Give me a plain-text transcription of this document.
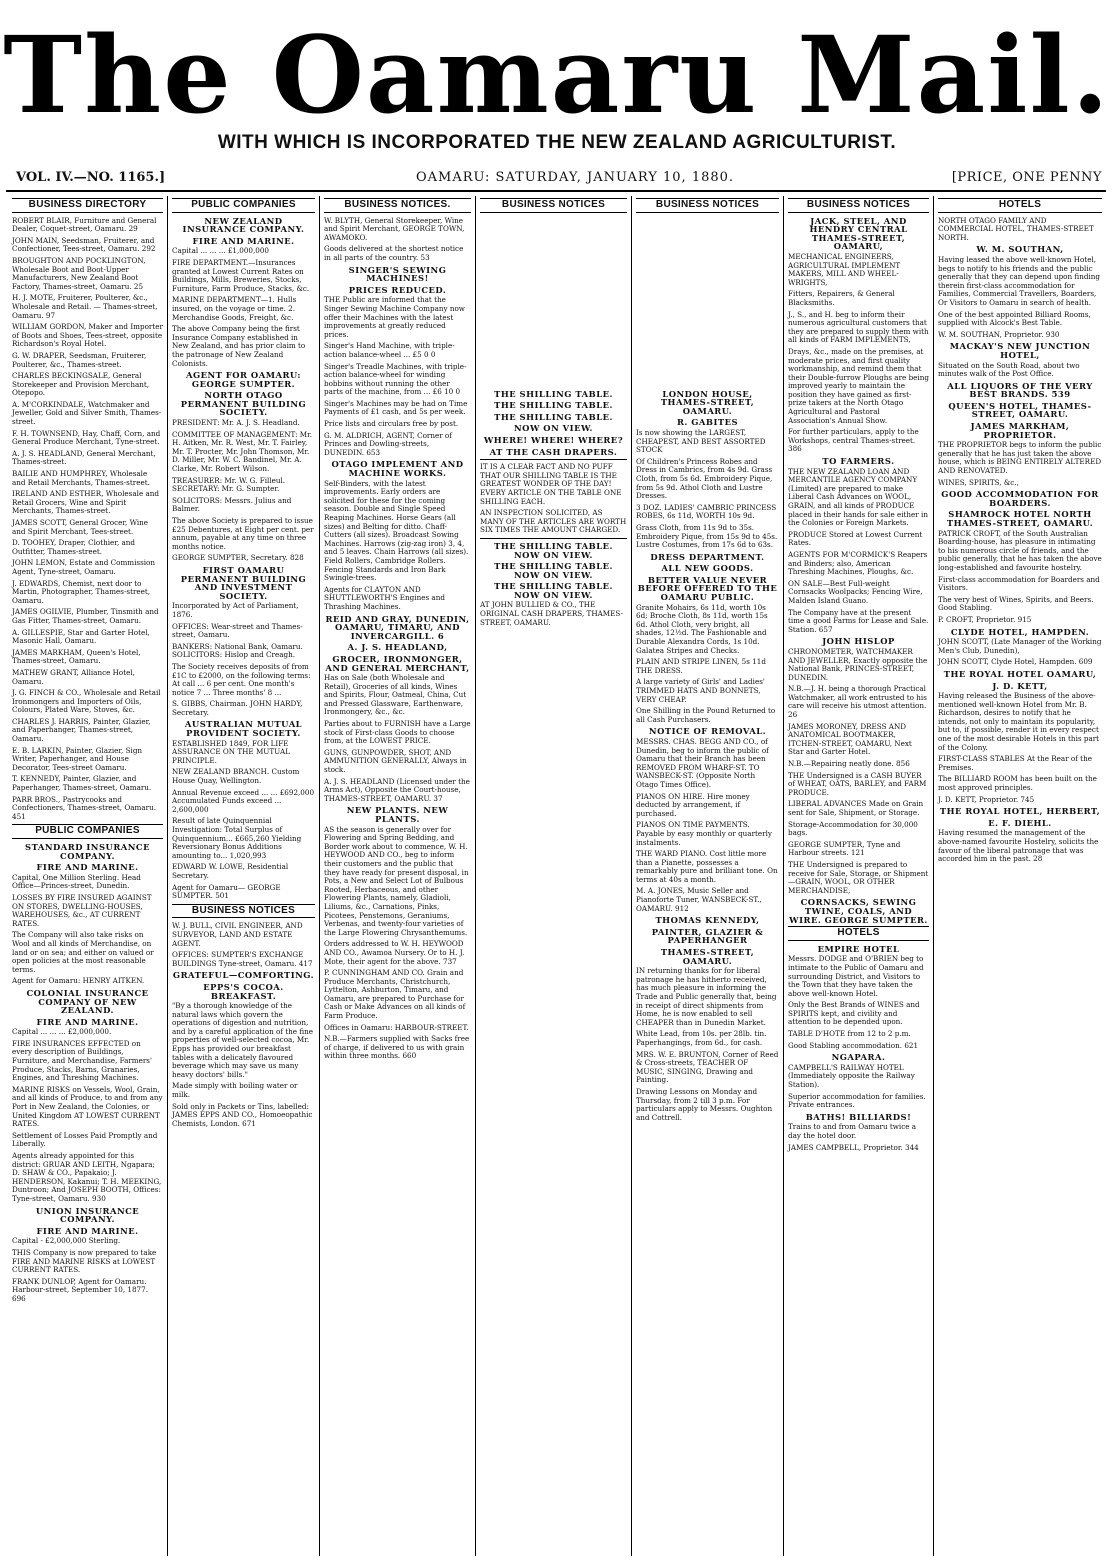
The Oamaru Mail.
WITH WHICH IS INCORPORATED THE NEW ZEALAND AGRICULTURIST.
VOL. IV.—NO. 1165.]	OAMARU: SATURDAY, JANUARY 10, 1880.	[PRICE, ONE PENNY
BUSINESS DIRECTORY
ROBERT BLAIR, Furniture and General Dealer, Coquet-street, Oamaru. 29
JOHN MAIN, Seedsman, Fruiterer, and Confectioner, Tees-street, Oamaru. 292
BROUGHTON AND POCKLINGTON, Wholesale Boot and Boot-Upper Manufacturers, New Zealand Boot Factory, Thames-street, Oamaru. 25
H. J. MOTE, Fruiterer, Poulterer, &c., Wholesale and Retail. — Thames-street, Oamaru. 97
WILLIAM GORDON, Maker and Importer of Boots and Shoes, Tees-street, opposite Richardson's Royal Hotel.
G. W. DRAPER, Seedsman, Fruiterer, Poulterer, &c., Thames-street.
CHARLES BECKINGSALE, General Storekeeper and Provision Merchant, Otepopo.
A. M'CORKINDALE, Watchmaker and Jeweller, Gold and Silver Smith, Thames-street.
F. H. TOWNSEND, Hay, Chaff, Corn, and General Produce Merchant, Tyne-street.
A. J. S. HEADLAND, General Merchant, Thames-street.
BAILIE AND HUMPHREY, Wholesale and Retail Merchants, Thames-street.
IRELAND AND ESTHER, Wholesale and Retail Grocers, Wine and Spirit Merchants, Thames-street.
JAMES SCOTT, General Grocer, Wine and Spirit Merchant, Tees-street.
D. TOOHEY, Draper, Clothier, and Outfitter, Thames-street.
JOHN LEMON, Estate and Commission Agent, Tyne-street, Oamaru.
J. EDWARDS, Chemist, next door to Martin, Photographer, Thames-street, Oamaru.
JAMES OGILVIE, Plumber, Tinsmith and Gas Fitter, Thames-street, Oamaru.
A. GILLESPIE, Star and Garter Hotel, Masonic Hall, Oamaru.
JAMES MARKHAM, Queen's Hotel, Thames-street, Oamaru.
MATHEW GRANT, Alliance Hotel, Oamaru.
J. G. FINCH & CO., Wholesale and Retail Ironmongers and Importers of Oils, Colours, Plated Ware, Stoves, &c.
CHARLES J. HARRIS, Painter, Glazier, and Paperhanger, Thames-street, Oamaru.
E. B. LARKIN, Painter, Glazier, Sign Writer, Paperhanger, and House Decorator, Tees-street Oamaru.
T. KENNEDY, Painter, Glazier, and Paperhanger, Thames-street, Oamaru.
PARR BROS., Pastrycooks and Confectioners, Thames-street, Oamaru. 451
PUBLIC COMPANIES
STANDARD INSURANCE COMPANY.
FIRE AND MARINE.
Capital, One Million Sterling. Head Office—Princes-street, Dunedin.
LOSSES BY FIRE INSURED AGAINST ON STORES, DWELLING-HOUSES, WAREHOUSES, &c., AT CURRENT RATES.
The Company will also take risks on Wool and all kinds of Merchandise, on land or on sea; and either on valued or open policies at the most reasonable terms.
Agent for Oamaru: HENRY AITKEN.
COLONIAL INSURANCE COMPANY OF NEW ZEALAND.
FIRE AND MARINE.
Capital ... ... ... £2,000,000.
FIRE INSURANCES EFFECTED on every description of Buildings, Furniture, and Merchandise, Farmers' Produce, Stacks, Barns, Granaries, Engines, and Threshing Machines.
MARINE RISKS on Vessels, Wool, Grain, and all kinds of Produce, to and from any Port in New Zealand, the Colonies, or United Kingdom AT LOWEST CURRENT RATES.
Settlement of Losses Paid Promptly and Liberally.
Agents already appointed for this district: GRUAR AND LEITH, Ngapara; D. SHAW & CO., Papakaio; J. HENDERSON, Kakanui; T. H. MEEKING, Duntroon; And JOSEPH BOOTH, Offices: Tyne-street, Oamaru. 930
UNION INSURANCE COMPANY.
FIRE AND MARINE.
Capital - £2,000,000 Sterling.
THIS Company is now prepared to take FIRE AND MARINE RISKS at LOWEST CURRENT RATES.
FRANK DUNLOP, Agent for Oamaru. Harbour-street, September 10, 1877. 696
PUBLIC COMPANIES
NEW ZEALAND INSURANCE COMPANY.
FIRE AND MARINE.
Capital ... ... ... £1,000,000
FIRE DEPARTMENT.—Insurances granted at Lowest Current Rates on Buildings, Mills, Breweries, Stocks, Furniture, Farm Produce, Stacks, &c.
MARINE DEPARTMENT—1. Hulls insured, on the voyage or time. 2. Merchandise Goods, Freight, &c.
The above Company being the first Insurance Company established in New Zealand, and has prior claim to the patronage of New Zealand Colonists.
AGENT FOR OAMARU: GEORGE SUMPTER.
NORTH OTAGO PERMANENT BUILDING SOCIETY.
PRESIDENT: Mr. A. J. S. Headland.
COMMITTEE OF MANAGEMENT: Mr. H. Aitken, Mr. R. West, Mr. T. Fairley, Mr. T. Procter, Mr. John Thomson, Mr. D. Miller, Mr. W. C. Bandinel, Mr. A. Clarke, Mr. Robert Wilson.
TREASURER: Mr. W. G. Filleul. SECRETARY: Mr. G. Sumpter.
SOLICITORS: Messrs. Julius and Balmer.
The above Society is prepared to issue £25 Debentures, at Eight per cent. per annum, payable at any time on three months notice.
GEORGE SUMPTER, Secretary. 828
FIRST OAMARU PERMANENT BUILDING AND INVESTMENT SOCIETY.
Incorporated by Act of Parliament, 1876.
OFFICES: Wear-street and Thames-street, Oamaru.
BANKERS: National Bank, Oamaru. SOLICITORS: Hislop and Creagh.
The Society receives deposits of from £1C to £2000, on the following terms: At call ... 6 per cent. One month's notice 7 ... Three months' 8 ...
S. GIBBS, Chairman. JOHN HARDY, Secretary.
AUSTRALIAN MUTUAL PROVIDENT SOCIETY.
ESTABLISHED 1849, FOR LIFE ASSURANCE ON THE MUTUAL PRINCIPLE.
NEW ZEALAND BRANCH. Custom House Quay, Wellington.
Annual Revenue exceed ... ... £692,000 Accumulated Funds exceed ... 2,600,000
Result of late Quinquennial Investigation: Total Surplus of Quinquennium... £665,260 Yielding Reversionary Bonus Additions amounting to... 1,020,993
EDWARD W. LOWE, Residential Secretary.
Agent for Oamaru— GEORGE SUMPTER. 501
BUSINESS NOTICES
W. J. BULL, CIVIL ENGINEER, AND SURVEYOR, LAND AND ESTATE AGENT.
OFFICES: SUMPTER'S EXCHANGE BUILDINGS Tyne-street, Oamaru. 417
GRATEFUL—COMFORTING.
EPPS'S COCOA. BREAKFAST.
"By a thorough knowledge of the natural laws which govern the operations of digestion and nutrition, and by a careful application of the fine properties of well-selected cocoa, Mr. Epps has provided our breakfast tables with a delicately flavoured beverage which may save us many heavy doctors' bills."
Made simply with boiling water or milk.
Sold only in Packets or Tins, labelled: JAMES EPPS AND CO., Homoeopathic Chemists, London. 671
BUSINESS NOTICES.
W. BLYTH, General Storekeeper, Wine and Spirit Merchant, GEORGE TOWN, AWAMOKO.
Goods delivered at the shortest notice in all parts of the country. 53
SINGER'S SEWING MACHINES!
PRICES REDUCED.
THE Public are informed that the Singer Sewing Machine Company now offer their Machines with the latest improvements at greatly reduced prices.
Singer's Hand Machine, with triple-action balance-wheel ... £5 0 0
Singer's Treadle Machines, with triple-action balance-wheel for winding bobbins without running the other parts of the machine, from ... £6 10 0
Singer's Machines may be had on Time Payments of £1 cash, and 5s per week.
Price lists and circulars free by post.
G. M. ALDRICH, AGENT, Corner of Princes and Dowling-streets, DUNEDIN. 653
OTAGO IMPLEMENT AND MACHINE WORKS.
Self-Binders, with the latest improvements. Early orders are solicited for these for the coming season. Double and Single Speed Reaping Machines. Horse Gears (all sizes) and Belting for ditto. Chaff-Cutters (all sizes). Broadcast Sowing Machines. Harrows (zig-zag iron) 3, 4, and 5 leaves. Chain Harrows (all sizes). Field Rollers, Cambridge Rollers. Fencing Standards and Iron Bark Swingle-trees.
Agents for CLAYTON AND SHUTTLEWORTH'S Engines and Thrashing Machines.
REID AND GRAY, DUNEDIN, OAMARU, TIMARU, AND INVERCARGILL. 6
A. J. S. HEADLAND,
GROCER, IRONMONGER, AND GENERAL MERCHANT,
Has on Sale (both Wholesale and Retail), Groceries of all kinds, Wines and Spirits, Flour, Oatmeal, China, Cut and Pressed Glassware, Earthenware, Ironmongery, &c., &c.
Parties about to FURNISH have a Large stock of First-class Goods to choose from, at the LOWEST PRICE.
GUNS, GUNPOWDER, SHOT, AND AMMUNITION GENERALLY, Always in stock.
A. J. S. HEADLAND (Licensed under the Arms Act), Opposite the Court-house, THAMES-STREET, OAMARU. 37
NEW PLANTS. NEW PLANTS.
AS the season is generally over for Flowering and Spring Bedding, and Border work about to commence, W. H. HEYWOOD AND CO., beg to inform their customers and the public that they have ready for present disposal, in Pots, a New and Select Lot of Bulbous Rooted, Herbaceous, and other Flowering Plants, namely, Gladioli, Liliums, &c., Carnations, Pinks, Picotees, Penstemons, Geraniums, Verbenas, and twenty-four varieties of the Large Flowering Chrysanthemums.
Orders addressed to W. H. HEYWOOD AND CO., Awamoa Nursery. Or to H. J. Mote, their agent for the above. 737
P. CUNNINGHAM AND CO. Grain and Produce Merchants, Christchurch, Lyttelton, Ashburton, Timaru, and Oamaru, are prepared to Purchase for Cash or Make Advances on all kinds of Farm Produce.
Offices in Oamaru: HARBOUR-STREET.
N.B.—Farmers supplied with Sacks free of charge, if delivered to us with grain within three months. 660
BUSINESS NOTICES
THE SHILLING TABLE.
THE SHILLING TABLE.
THE SHILLING TABLE.
NOW ON VIEW.
WHERE! WHERE! WHERE?
AT THE CASH DRAPERS.
IT IS A CLEAR FACT AND NO PUFF THAT OUR SHILLING TABLE IS THE GREATEST WONDER OF THE DAY! EVERY ARTICLE ON THE TABLE ONE SHILLING EACH.
AN INSPECTION SOLICITED, AS MANY OF THE ARTICLES ARE WORTH SIX TIMES THE AMOUNT CHARGED.
THE SHILLING TABLE. NOW ON VIEW.
THE SHILLING TABLE. NOW ON VIEW.
THE SHILLING TABLE. NOW ON VIEW.
AT JOHN BULLIED & CO., THE ORIGINAL CASH DRAPERS, THAMES-STREET, OAMARU.
BUSINESS NOTICES
LONDON HOUSE, THAMES-STREET, OAMARU.
R. GABITES
Is now showing the LARGEST, CHEAPEST, AND BEST ASSORTED STOCK
Of Children's Princess Robes and Dress in Cambrics, from 4s 9d. Grass Cloth, from 5s 6d. Embroidery Pique, from 5s 9d. Athol Cloth and Lustre Dresses.
3 DOZ. LADIES' CAMBRIC PRINCESS ROBES, 6s 11d, WORTH 10s 9d.
Grass Cloth, from 11s 9d to 35s. Embroidery Pique, from 15s 9d to 45s. Lustre Costumes, from 17s 6d to 63s.
DRESS DEPARTMENT.
ALL NEW GOODS.
BETTER VALUE NEVER BEFORE OFFERED TO THE OAMARU PUBLIC.
Granite Mohairs, 6s 11d, worth 10s 6d; Broche Cloth, 8s 11d, worth 15s 6d. Athol Cloth, very bright, all shades, 12½d. The Fashionable and Durable Alexandra Cords, 1s 10d. Galatea Stripes and Checks.
PLAIN AND STRIPE LINEN, 5s 11d THE DRESS.
A large variety of Girls' and Ladies' TRIMMED HATS AND BONNETS, VERY CHEAP.
One Shilling in the Pound Returned to all Cash Purchasers.
NOTICE OF REMOVAL.
MESSRS. CHAS. BEGG AND CO., of Dunedin, beg to inform the public of Oamaru that their Branch has been REMOVED FROM WHARF-ST. TO WANSBECK-ST. (Opposite North Otago Times Office).
PIANOS ON HIRE. Hire money deducted by arrangement, if purchased.
PIANOS ON TIME PAYMENTS. Payable by easy monthly or quarterly instalments.
THE WARD PIANO. Cost little more than a Pianette, possesses a remarkably pure and brilliant tone. On terms at 40s a month.
M. A. JONES, Music Seller and Pianoforte Tuner, WANSBECK-ST., OAMARU. 912
THOMAS KENNEDY,
PAINTER, GLAZIER & PAPERHANGER
THAMES-STREET, OAMARU.
IN returning thanks for for liberal patronage he has hitherto received, has much pleasure in informing the Trade and Public generally that, being in receipt of direct shipments from Home, he is now enabled to sell CHEAPER than in Dunedin Market.
White Lead, from 10s. per 28lb. tin. Paperhangings, from 6d., for cash.
MRS. W. E. BRUNTON, Corner of Reed & Cross-streets, TEACHER OF MUSIC, SINGING, Drawing and Painting.
Drawing Lessons on Monday and Thursday, from 2 till 3 p.m. For particulars apply to Messrs. Oughton and Cottrell.
BUSINESS NOTICES
JACK, STEEL, AND HENDRY CENTRAL THAMES-STREET, OAMARU,
MECHANICAL ENGINEERS, AGRICULTURAL IMPLEMENT MAKERS, MILL AND WHEEL-WRIGHTS,
Fitters, Repairers, & General Blacksmiths.
J., S., and H. beg to inform their numerous agricultural customers that they are prepared to supply them with all kinds of FARM IMPLEMENTS,
Drays, &c., made on the premises, at moderate prices, and first quality workmanship, and remind them that their Double-furrow Ploughs are being improved yearly to maintain the position they have gained as first-prize takers at the North Otago Agricultural and Pastoral Association's Annual Show.
For further particulars, apply to the Workshops, central Thames-street. 386
TO FARMERS.
THE NEW ZEALAND LOAN AND MERCANTILE AGENCY COMPANY (Limited) are prepared to make Liberal Cash Advances on WOOL, GRAIN, and all kinds of PRODUCE placed in their hands for sale either in the Colonies or Foreign Markets.
PRODUCE Stored at Lowest Current Rates.
AGENTS FOR M'CORMICK'S Reapers and Binders; also, American Threshing Machines, Ploughs, &c.
ON SALE—Best Full-weight Cornsacks Woolpacks; Fencing Wire, Malden Island Guano.
The Company have at the present time a good Farms for Lease and Sale. Station. 657
JOHN HISLOP
CHRONOMETER, WATCHMAKER AND JEWELLER, Exactly opposite the National Bank, PRINCES-STREET, DUNEDIN.
N.B.—J. H. being a thorough Practical Watchmaker, all work entrusted to his care will receive his utmost attention. 26
JAMES MORONEY, DRESS AND ANATOMICAL BOOTMAKER, ITCHEN-STREET, OAMARU, Next Star and Garter Hotel.
N.B.—Repairing neatly done. 856
THE Undersigned is a CASH BUYER of WHEAT, OATS, BARLEY, and FARM PRODUCE.
LIBERAL ADVANCES Made on Grain sent for Sale, Shipment, or Storage.
Storage-Accommodation for 30,000 bags.
GEORGE SUMPTER, Tyne and Harbour streets. 121
THE Undersigned is prepared to receive for Sale, Storage, or Shipment—GRAIN, WOOL, OR OTHER MERCHANDISE,
CORNSACKS, SEWING TWINE, COALS, AND WIRE. GEORGE SUMPTER.
HOTELS
EMPIRE HOTEL
Messrs. DODGE and O'BRIEN beg to intimate to the Public of Oamaru and surrounding District, and Visitors to the Town that they have taken the above well-known Hotel.
Only the Best Brands of WINES and SPIRITS kept, and civility and attention to be depended upon.
TABLE D'HOTE from 12 to 2 p.m.
Good Stabling accommodation. 621
NGAPARA.
CAMPBELL'S RAILWAY HOTEL (Immediately opposite the Railway Station).
Superior accommodation for families. Private entrances.
BATHS! BILLIARDS!
Trains to and from Oamaru twice a day the hotel door.
JAMES CAMPBELL, Proprietor. 344
HOTELS
NORTH OTAGO FAMILY AND COMMERCIAL HOTEL, THAMES-STREET NORTH.
W. M. SOUTHAN,
Having leased the above well-known Hotel, begs to notify to his friends and the public generally that they can depend upon finding therein first-class accommodation for Families, Commercial Travellers, Boarders, Or Visitors to Oamaru in search of health.
One of the best appointed Billiard Rooms, supplied with Alcock's Best Table.
W. M. SOUTHAN, Proprietor. 930
MACKAY'S NEW JUNCTION HOTEL,
Situated on the South Road, about two minutes walk of the Post Office.
ALL LIQUORS OF THE VERY BEST BRANDS. 539
QUEEN'S HOTEL, THAMES-STREET, OAMARU.
JAMES MARKHAM, PROPRIETOR.
THE PROPRIETOR begs to inform the public generally that he has just taken the above house, which is BEING ENTIRELY ALTERED AND RENOVATED.
WINES, SPIRITS, &c.,
GOOD ACCOMMODATION FOR BOARDERS.
SHAMROCK HOTEL NORTH THAMES-STREET, OAMARU.
PATRICK CROFT, of the South Australian Boarding-house, has pleasure in intimating to his numerous circle of friends, and the public generally, that he has taken the above long-established and favourite hostelry.
First-class accommodation for Boarders and Visitors.
The very best of Wines, Spirits, and Beers. Good Stabling.
P. CROFT, Proprietor. 915
CLYDE HOTEL, HAMPDEN.
JOHN SCOTT, (Late Manager of the Working Men's Club, Dunedin),
JOHN SCOTT, Clyde Hotel, Hampden. 609
THE ROYAL HOTEL OAMARU,
J. D. KETT,
Having released the Business of the above-mentioned well-known Hotel from Mr. B. Richardson, desires to notify that he intends, not only to maintain its popularity, but to, if possible, render it in every respect one of the most desirable Hotels in this part of the Colony.
FIRST-CLASS STABLES At the Rear of the Premises.
The BILLIARD ROOM has been built on the most approved principles.
J. D. KETT, Proprietor. 745
THE ROYAL HOTEL, HERBERT,
E. F. DIEHL.
Having resumed the management of the above-named favourite Hostelry, solicits the favour of the liberal patronage that was accorded him in the past. 28
